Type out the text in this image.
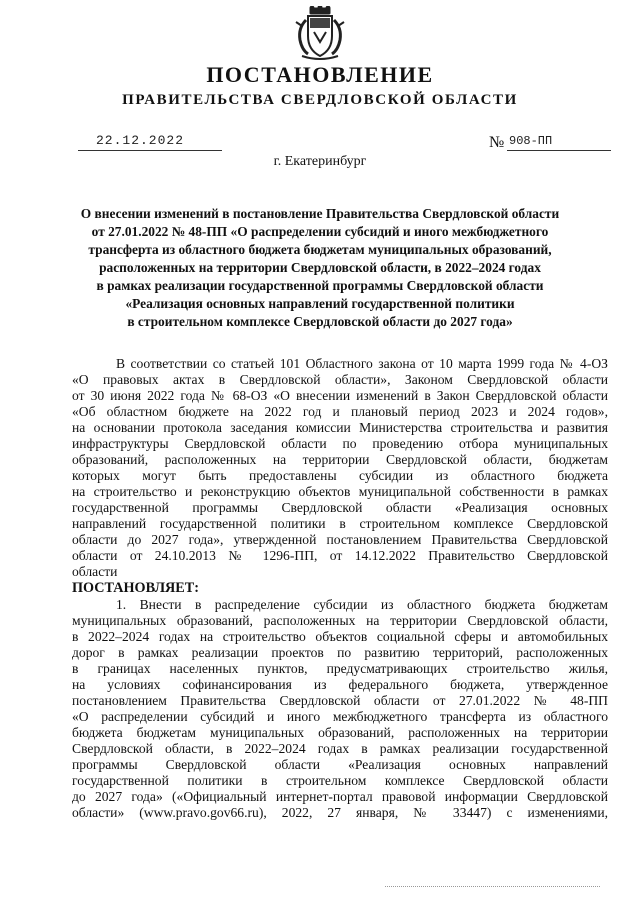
ПОСТАНОВЛЕНИЕ
ПРАВИТЕЛЬСТВА СВЕРДЛОВСКОЙ ОБЛАСТИ
22.12.2022	№ 908-ПП
г. Екатеринбург
О внесении изменений в постановление Правительства Свердловской области
от 27.01.2022 № 48-ПП «О распределении субсидий и иного межбюджетного
трансферта из областного бюджета бюджетам муниципальных образований,
расположенных на территории Свердловской области, в 2022–2024 годах
в рамках реализации государственной программы Свердловской области
«Реализация основных направлений государственной политики
в строительном комплексе Свердловской области до 2027 года»
В соответствии со статьей 101 Областного закона от 10 марта 1999 года № 4-ОЗ
«О правовых актах в Свердловской области», Законом Свердловской области
от 30 июня 2022 года № 68-ОЗ «О внесении изменений в Закон Свердловской области
«Об областном бюджете на 2022 год и плановый период 2023 и 2024 годов»,
на основании протокола заседания комиссии Министерства строительства и развития
инфраструктуры Свердловской области по проведению отбора муниципальных
образований, расположенных на территории Свердловской области, бюджетам
которых могут быть предоставлены субсидии из областного бюджета
на строительство и реконструкцию объектов муниципальной собственности в рамках
государственной программы Свердловской области «Реализация основных
направлений государственной политики в строительном комплексе Свердловской
области до 2027 года», утвержденной постановлением Правительства Свердловской
области от 24.10.2013 № 1296-ПП, от 14.12.2022 Правительство Свердловской
области
ПОСТАНОВЛЯЕТ:
1. Внести в распределение субсидии из областного бюджета бюджетам
муниципальных образований, расположенных на территории Свердловской области,
в 2022–2024 годах на строительство объектов социальной сферы и автомобильных
дорог в рамках реализации проектов по развитию территорий, расположенных
в границах населенных пунктов, предусматривающих строительство жилья,
на условиях софинансирования из федерального бюджета, утвержденное
постановлением Правительства Свердловской области от 27.01.2022 № 48-ПП
«О распределении субсидий и иного межбюджетного трансферта из областного
бюджета бюджетам муниципальных образований, расположенных на территории
Свердловской области, в 2022–2024 годах в рамках реализации государственной
программы Свердловской области «Реализация основных направлений
государственной политики в строительном комплексе Свердловской области
до 2027 года» («Официальный интернет-портал правовой информации Свердловской
области» (www.pravo.gov66.ru), 2022, 27 января, № 33447) с изменениями,
